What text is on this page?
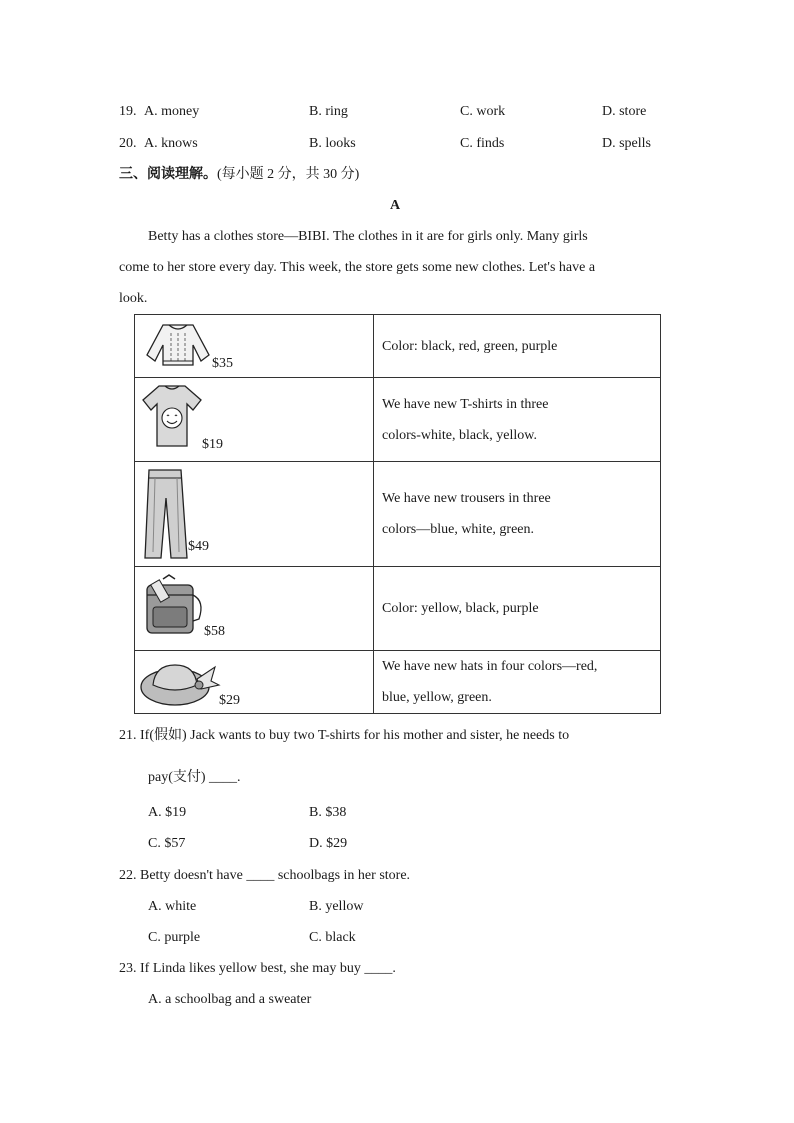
19. A. money	B. ring	C. work	D. store
20. A. knows	B. looks	C. finds	D. spells
三、阅读理解。(每小题 2 分，共 30 分)
A
Betty has a clothes store—BIBI. The clothes in it are for girls only. Many girls
come to her store every day. This week, the store gets some new clothes. Let's have a
look.
$35	Color: black, red, green, purple

$19	We have new T-shirts in three
colors-white, black, yellow.

$49	We have new trousers in three
colors—blue, white, green.

$58	Color: yellow, black, purple

$29	We have new hats in four colors—red,
blue, yellow, green.
21. If(假如) Jack wants to buy two T-shirts for his mother and sister, he needs to
pay(支付) ____.
A. $19	B. $38
C. $57	D. $29
22. Betty doesn't have ____ schoolbags in her store.
A. white	B. yellow
C. purple	C. black
23. If Linda likes yellow best, she may buy ____.
A. a schoolbag and a sweater
